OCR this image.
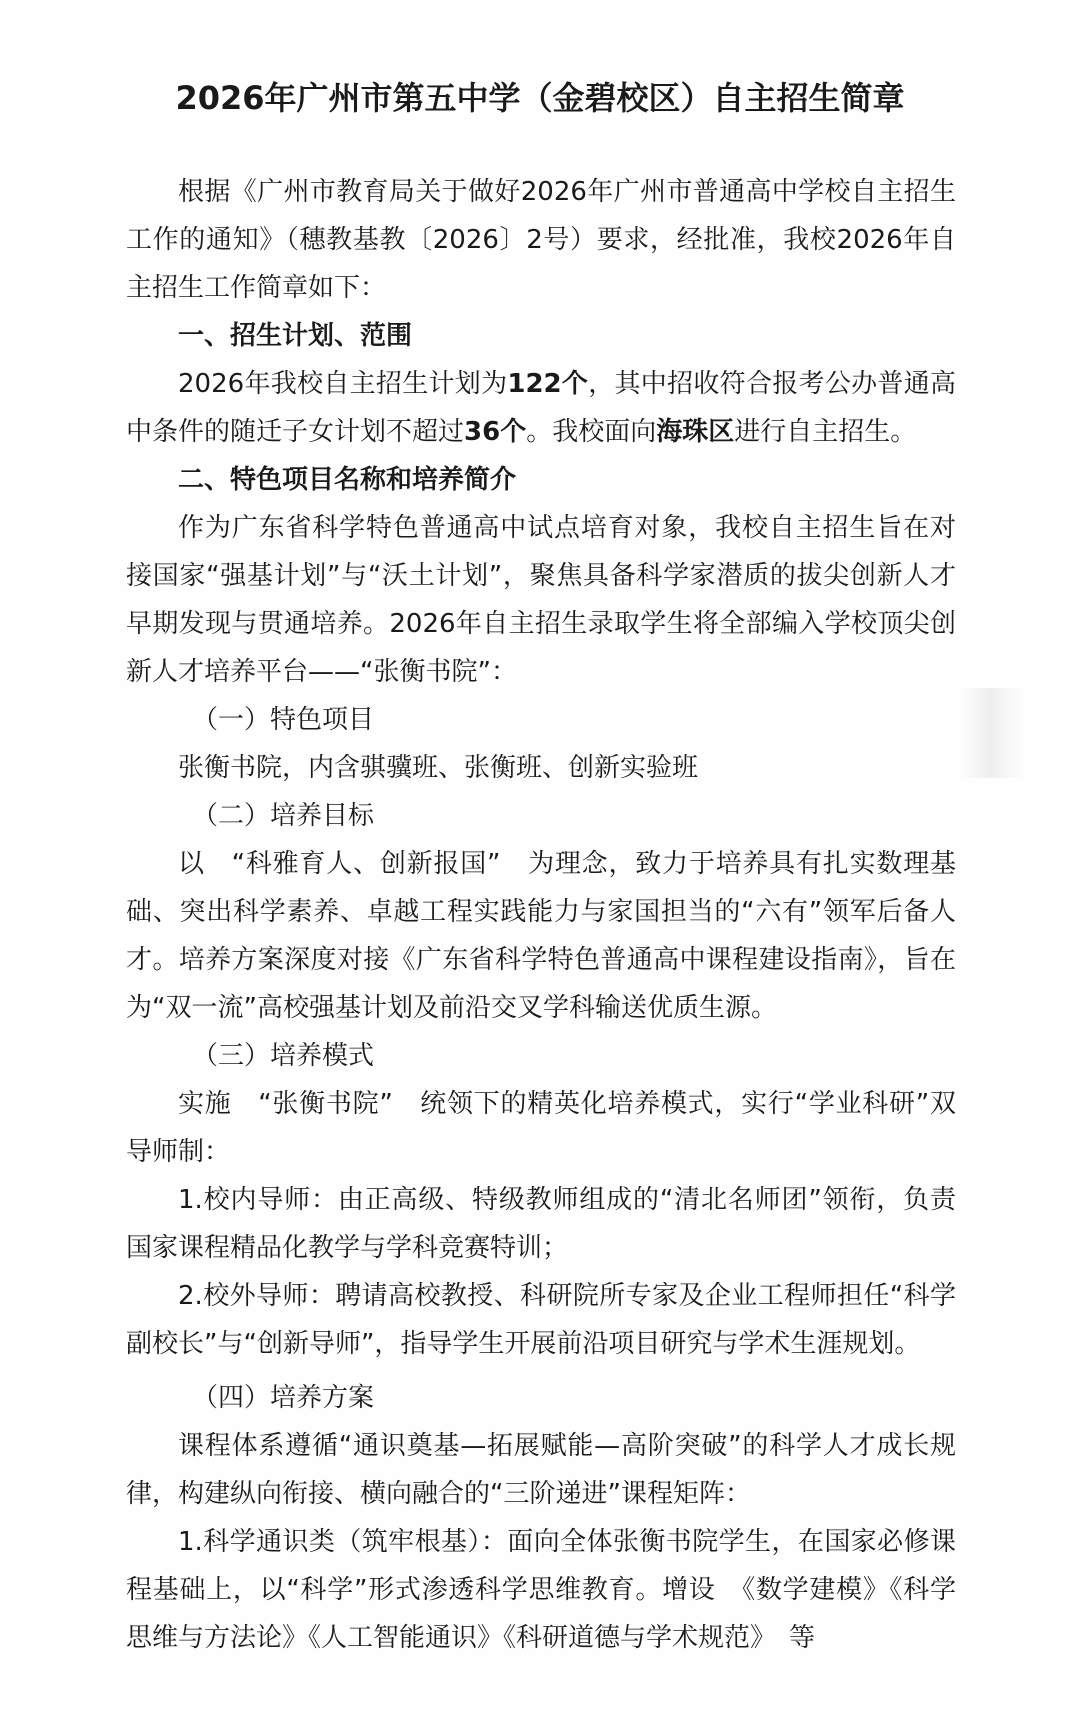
2026年广州市第五中学（金碧校区）自主招生简章

根据《广州市教育局关于做好2026年广州市普通高中学校自主招生工作的通知》（穗教基教〔2026〕2号）要求，经批准，我校2026年自主招生工作简章如下：

一、招生计划、范围

2026年我校自主招生计划为122个，其中招收符合报考公办普通高中条件的随迁子女计划不超过36个。我校面向海珠区进行自主招生。

二、特色项目名称和培养简介

作为广东省科学特色普通高中试点培育对象，我校自主招生旨在对接国家“强基计划”与“沃土计划”，聚焦具备科学家潜质的拔尖创新人才早期发现与贯通培养。2026年自主招生录取学生将全部编入学校顶尖创新人才培养平台——“张衡书院”：

（一）特色项目

张衡书院，内含骐骥班、张衡班、创新实验班

（二）培养目标

以　“科雅育人、创新报国”　为理念，致力于培养具有扎实数理基础、突出科学素养、卓越工程实践能力与家国担当的“六有”领军后备人才。培养方案深度对接《广东省科学特色普通高中课程建设指南》，旨在为“双一流”高校强基计划及前沿交叉学科输送优质生源。

（三）培养模式

实施　“张衡书院”　统领下的精英化培养模式，实行“学业科研”双导师制：

1.校内导师：由正高级、特级教师组成的“清北名师团”领衔，负责国家课程精品化教学与学科竞赛特训；

2.校外导师：聘请高校教授、科研院所专家及企业工程师担任“科学副校长”与“创新导师”，指导学生开展前沿项目研究与学术生涯规划。

（四）培养方案

课程体系遵循“通识奠基—拓展赋能—高阶突破”的科学人才成长规律，构建纵向衔接、横向融合的“三阶递进”课程矩阵：

1.科学通识类（筑牢根基）：面向全体张衡书院学生，在国家必修课程基础上，以“科学”形式渗透科学思维教育。增设　《数学建模》《科学思维与方法论》《人工智能通识》《科研道德与学术规范》　等
